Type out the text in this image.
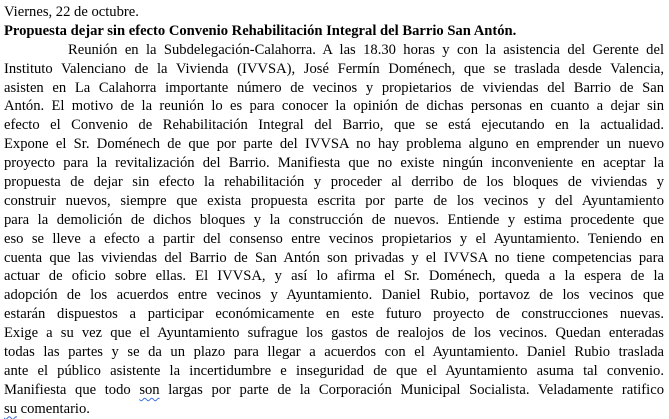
Viernes, 22 de octubre.
Propuesta dejar sin efecto Convenio Rehabilitación Integral del Barrio San Antón.
Reunión en la Subdelegación-Calahorra. A las 18.30 horas y con la asistencia del Gerente del
Instituto Valenciano de la Vivienda (IVVSA), José Fermín Doménech, que se traslada desde Valencia,
asisten en La Calahorra importante número de vecinos y propietarios de viviendas del Barrio de San
Antón. El motivo de la reunión lo es para conocer la opinión de dichas personas en cuanto a dejar sin
efecto el Convenio de Rehabilitación Integral del Barrio, que se está ejecutando en la actualidad.
Expone el Sr. Doménech de que por parte del IVVSA no hay problema alguno en emprender un nuevo
proyecto para la revitalización del Barrio. Manifiesta que no existe ningún inconveniente en aceptar la
propuesta de dejar sin efecto la rehabilitación y proceder al derribo de los bloques de viviendas y
construir nuevos, siempre que exista propuesta escrita por parte de los vecinos y del Ayuntamiento
para la demolición de dichos bloques y la construcción de nuevos. Entiende y estima procedente que
eso se lleve a efecto a partir del consenso entre vecinos propietarios y el Ayuntamiento. Teniendo en
cuenta que las viviendas del Barrio de San Antón son privadas y el IVVSA no tiene competencias para
actuar de oficio sobre ellas. El IVVSA, y así lo afirma el Sr. Doménech, queda a la espera de la
adopción de los acuerdos entre vecinos y Ayuntamiento. Daniel Rubio, portavoz de los vecinos que
estarán dispuestos a participar económicamente en este futuro proyecto de construcciones nuevas.
Exige a su vez que el Ayuntamiento sufrague los gastos de realojos de los vecinos. Quedan enteradas
todas las partes y se da un plazo para llegar a acuerdos con el Ayuntamiento. Daniel Rubio traslada
ante el público asistente la incertidumbre e inseguridad de que el Ayuntamiento asuma tal convenio.
Manifiesta que todo son largas por parte de la Corporación Municipal Socialista. Veladamente ratifico
su comentario.
